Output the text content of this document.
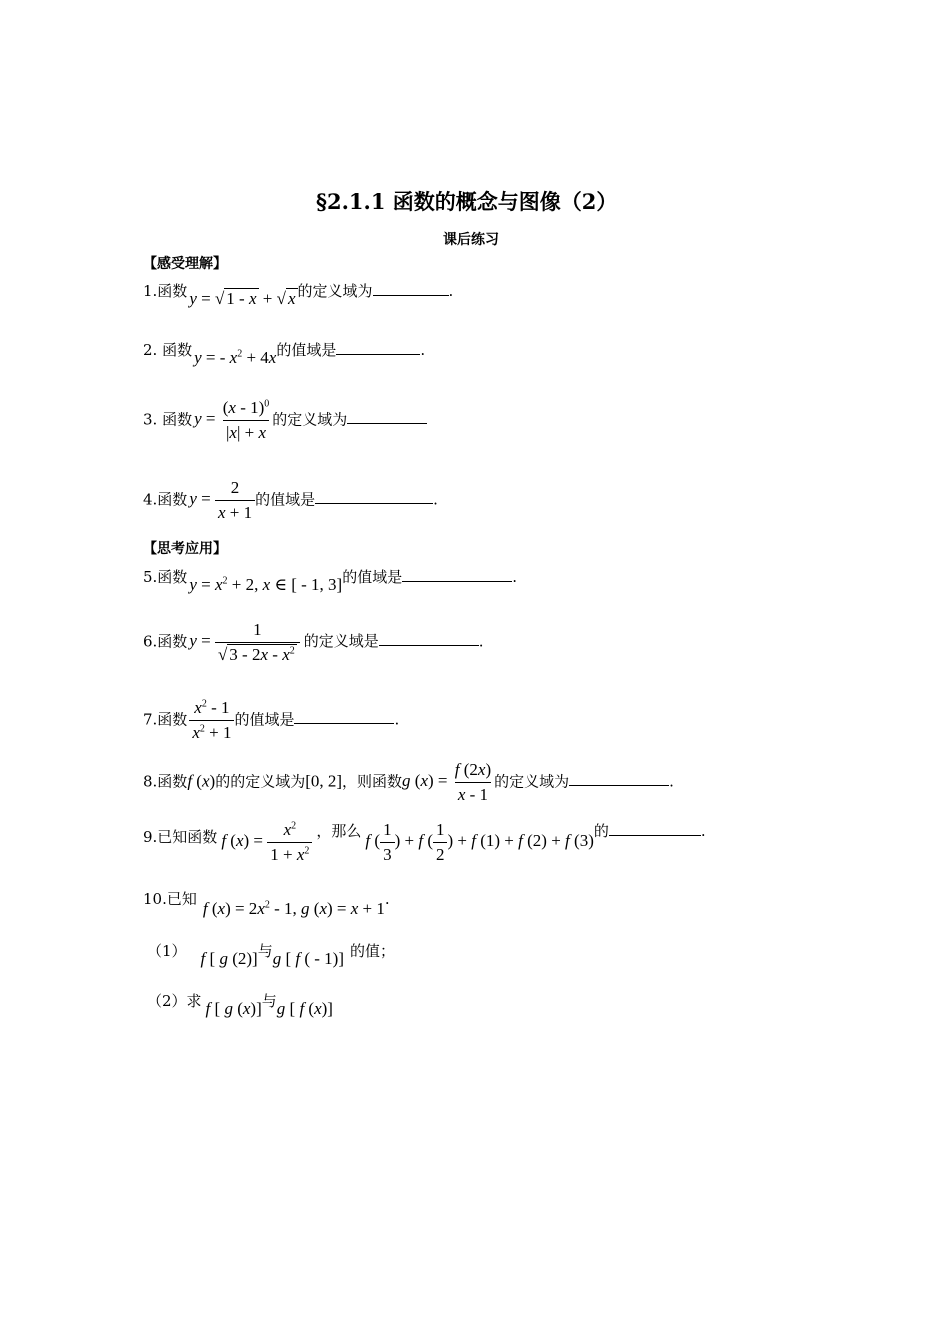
§2.1.1 函数的概念与图像（2）
课后练习
【感受理解】
1.函数 y = √ 1 - x + √ x 的定义域为	.
2. 函数 y = - $x^2 + 4x$的值域是	.
3. 函数 $y = \frac{(x - 1)^0}{|x| + x}$ 的定义域为
4.函数 $y = \frac{2}{x + 1}$ 的值域是	.
【思考应用】
5.函数 $y = x^2 + 2$, x ∈ [ - 1, 3]的值域是	.
6.函数 $y = \frac{1}{√ 3 - 2x - x^2}$ 的定义域是	.
7.函数 $\frac{x^2 - 1}{x^2 + 1}$ 的值域是	.
8.函数f (x)的的定义域为[0, 2]，则函数g $(x) = \frac{f (2x)}{x - 1}$ 的定义域为	.
9.已知函数 f $(x) = \frac{x^2}{1 + x^2}$ ，那么 f ( $\frac{1}{3}$ ) + f ( $\frac{1}{2}$ ) + f (1) + f (2) + f (3)的	.
10.已知 f $(x) = 2x^2 - 1$, g (x) = x + 1.
（1） f [ g (2)]与g [ f ( - 1)] 的值；
（2）求 f [ g (x)]与g [ f (x)]
